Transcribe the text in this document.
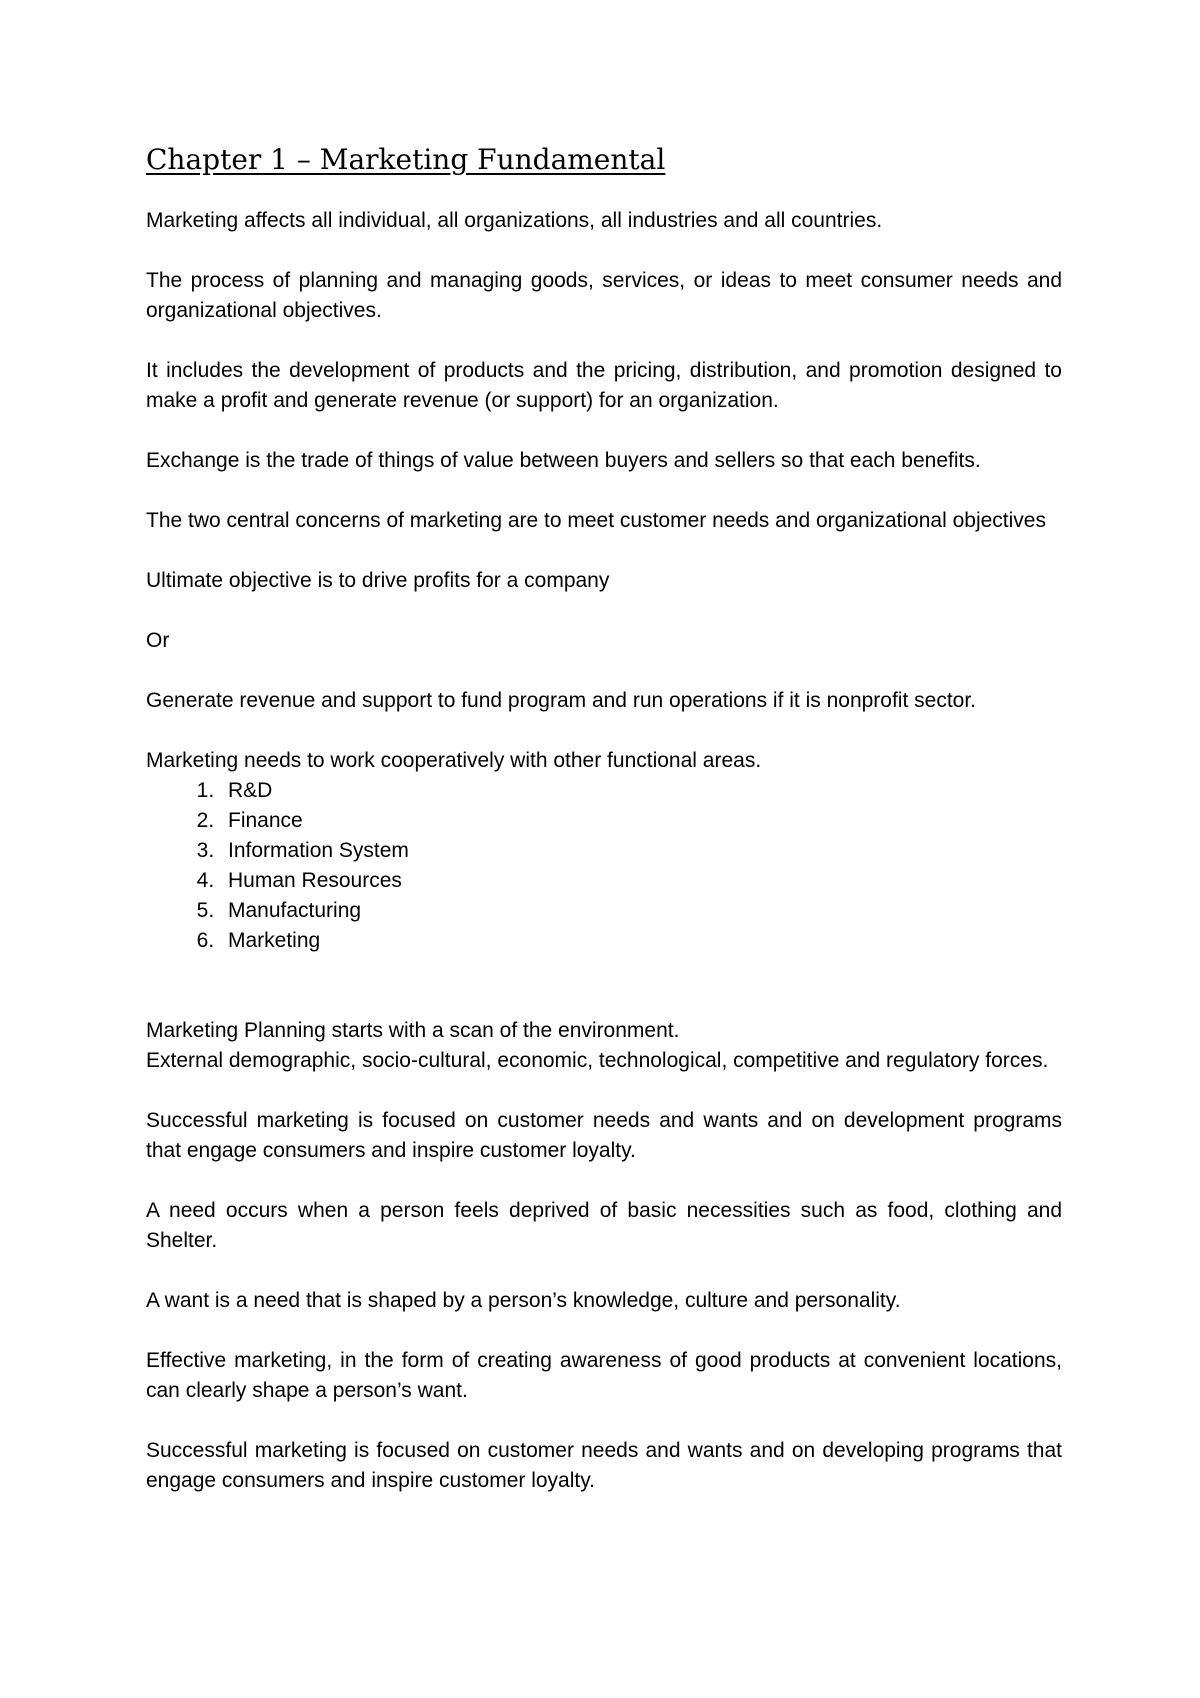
Chapter 1 – Marketing Fundamental

Marketing affects all individual, all organizations, all industries and all countries.

The process of planning and managing goods, services, or ideas to meet consumer needs and organizational objectives.

It includes the development of products and the pricing, distribution, and promotion designed to make a profit and generate revenue (or support) for an organization.

Exchange is the trade of things of value between buyers and sellers so that each benefits.

The two central concerns of marketing are to meet customer needs and organizational objectives

Ultimate objective is to drive profits for a company

Or

Generate revenue and support to fund program and run operations if it is nonprofit sector.

Marketing needs to work cooperatively with other functional areas.

1. R&D
2. Finance
3. Information System
4. Human Resources
5. Manufacturing
6. Marketing

Marketing Planning starts with a scan of the environment.

External demographic, socio-cultural, economic, technological, competitive and regulatory forces.

Successful marketing is focused on customer needs and wants and on development programs that engage consumers and inspire customer loyalty.

A need occurs when a person feels deprived of basic necessities such as food, clothing and Shelter.

A want is a need that is shaped by a person’s knowledge, culture and personality.

Effective marketing, in the form of creating awareness of good products at convenient locations, can clearly shape a person’s want.

Successful marketing is focused on customer needs and wants and on developing programs that engage consumers and inspire customer loyalty.
